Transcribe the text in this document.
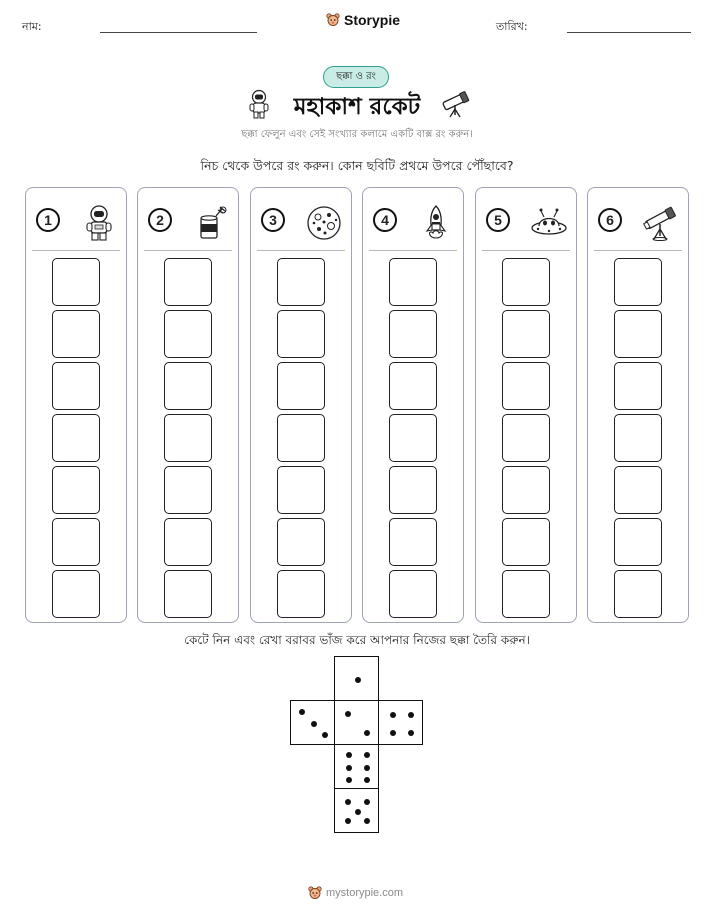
নাম:	Storypie	তারিখ:
ছক্কা ও রং
মহাকাশ রকেট
ছক্কা ফেলুন এবং সেই সংখ্যার কলামে একটি বাক্স রং করুন।
নিচ থেকে উপরে রং করুন। কোন ছবিটি প্রথমে উপরে পৌঁছাবে?
1	2	3	4	5	6
কেটে নিন এবং রেখা বরাবর ভাঁজ করে আপনার নিজের ছক্কা তৈরি করুন।
mystorypie.com
